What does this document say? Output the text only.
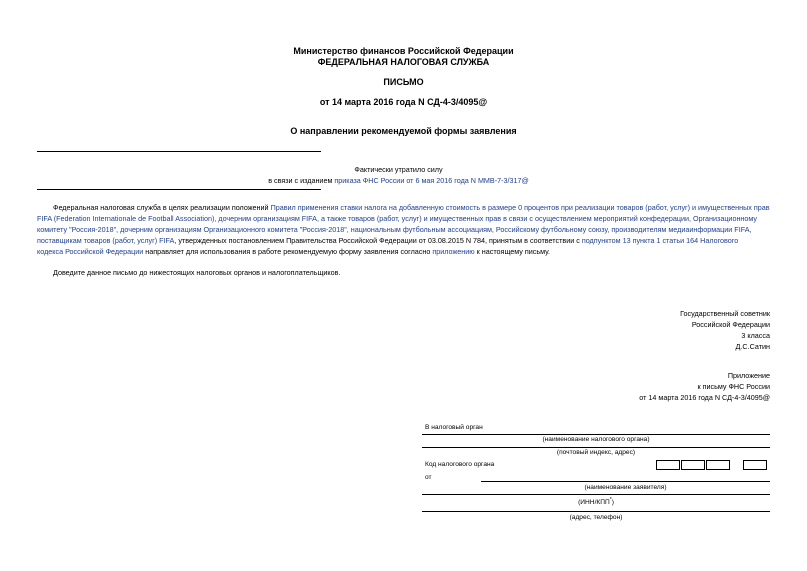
Министерство финансов Российской Федерации
ФЕДЕРАЛЬНАЯ НАЛОГОВАЯ СЛУЖБА
ПИСЬМО
от 14 марта 2016 года N СД-4-3/4095@
О направлении рекомендуемой формы заявления
Фактически утратило силу
в связи с изданием приказа ФНС России от 6 мая 2016 года N ММВ-7-3/317@
Федеральная налоговая служба в целях реализации положений Правил применения ставки налога на добавленную стоимость в размере 0 процентов при реализации товаров (работ, услуг) и имущественных прав
FIFA (Federation Internationale de Football Association), дочерним организациям FIFA, а также товаров (работ, услуг) и имущественных прав в связи с осуществлением мероприятий конфедерации, Организационному
комитету "Россия-2018", дочерним организациям Организационного комитета "Россия-2018", национальным футбольным ассоциациям, Российскому футбольному союзу, производителям медиаинформации FIFA,
поставщикам товаров (работ, услуг) FIFA, утвержденных постановлением Правительства Российской Федерации от 03.08.2015 N 784, принятым в соответствии с подпунктом 13 пункта 1 статьи 164 Налогового
кодекса Российской Федерации направляет для использования в работе рекомендуемую форму заявления согласно приложению к настоящему письму.
Доведите данное письмо до нижестоящих налоговых органов и налогоплательщиков.
Государственный советник
Российской Федерации
3 класса
Д.С.Сатин
Приложение
к письму ФНС России
от 14 марта 2016 года N СД-4-3/4095@
В налоговый орган
(наименование налогового органа)
(почтовый индекс, адрес)
Код налогового органа
от
(наименование заявителя)
(ИНН/КПП*)
(адрес, телефон)
